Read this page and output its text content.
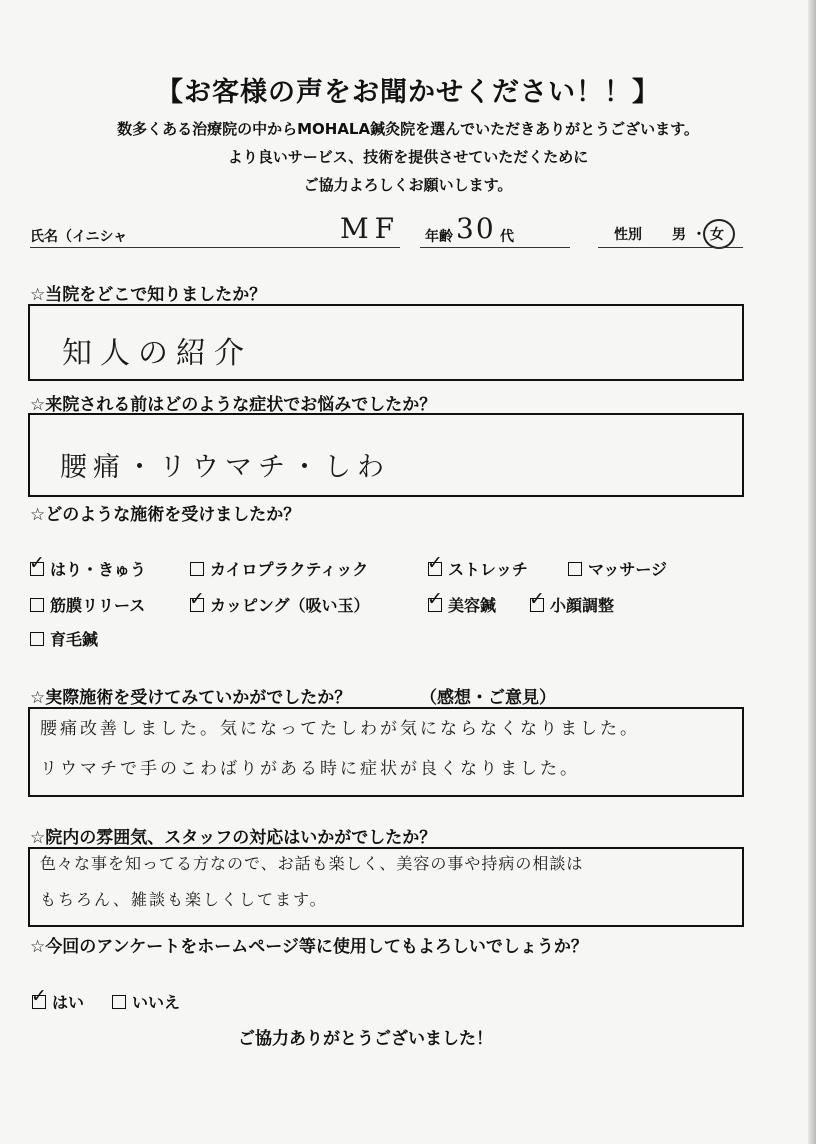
【お客様の声をお聞かせください！！】
数多くある治療院の中からMOHALA鍼灸院を選んでいただきありがとうございます。
より良いサービス、技術を提供させていただくために
ご協力よろしくお願いします。
氏名（イニシャ	MF 年齢 30 代	性別 男 ・ 女
☆当院をどこで知りましたか？
知人の紹介
☆来院される前はどのような症状でお悩みでしたか？
腰痛・リウマチ・しわ
☆どのような施術を受けましたか？
✓ はり・きゅう	カイロプラクティック	✓ ストレッチ	マッサージ
筋膜リリース ✓ カッピング（吸い玉）	✓ 美容鍼 ✓ 小顔調整
育毛鍼
☆実際施術を受けてみていかがでしたか？	（感想・ご意見）
腰痛改善しました。気になってたしわが気にならなくなりました。
リウマチで手のこわばりがある時に症状が良くなりました。
☆院内の雰囲気、スタッフの対応はいかがでしたか？
色々な事を知ってる方なので、お話も楽しく、美容の事や持病の相談は
もちろん、雑談も楽しくしてます。
☆今回のアンケートをホームページ等に使用してもよろしいでしょうか？
✓ はい	いいえ
ご協力ありがとうございました！
